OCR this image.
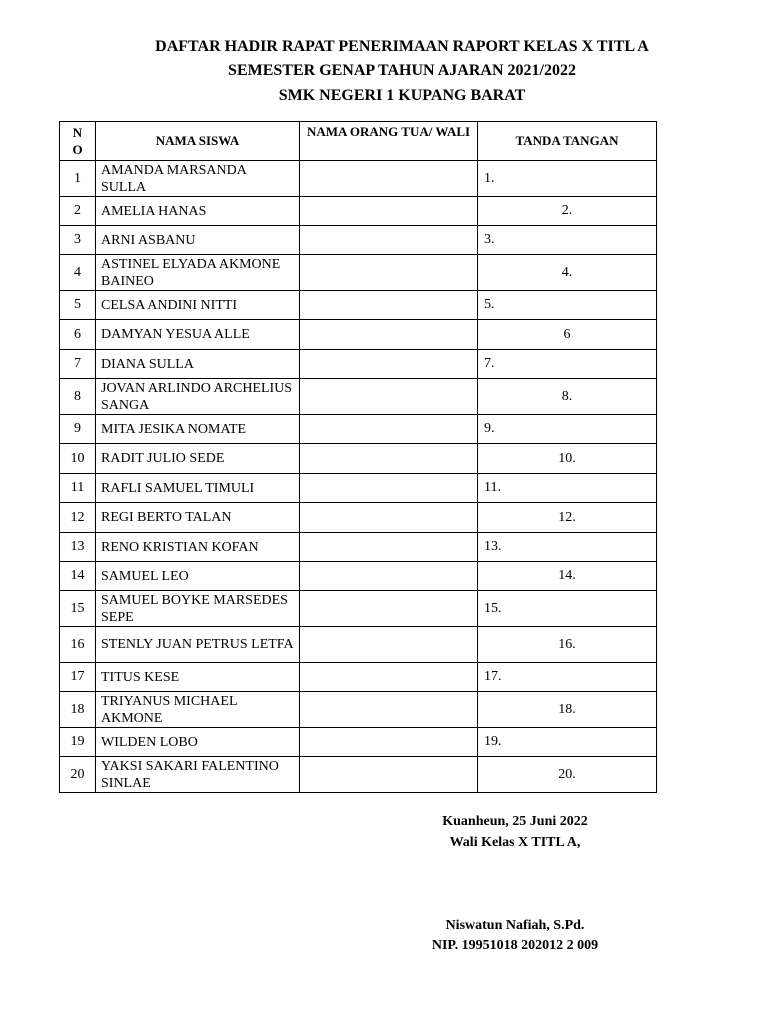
DAFTAR HADIR RAPAT PENERIMAAN RAPORT KELAS X TITL A
SEMESTER GENAP TAHUN AJARAN 2021/2022
SMK NEGERI 1 KUPANG BARAT
N O	NAMA SISWA	NAMA ORANG TUA/ WALI	TANDA TANGAN
1	AMANDA MARSANDA SULLA		1.
2	AMELIA HANAS		2.
3	ARNI ASBANU		3.
4	ASTINEL ELYADA AKMONE BAINEO		4.
5	CELSA ANDINI NITTI		5.
6	DAMYAN YESUA ALLE		6
7	DIANA SULLA		7.
8	JOVAN ARLINDO ARCHELIUS SANGA		8.
9	MITA JESIKA NOMATE		9.
10	RADIT JULIO SEDE		10.
11	RAFLI SAMUEL TIMULI		11.
12	REGI BERTO TALAN		12.
13	RENO KRISTIAN KOFAN		13.
14	SAMUEL LEO		14.
15	SAMUEL BOYKE MARSEDES SEPE		15.
16	STENLY JUAN PETRUS LETFA		16.
17	TITUS KESE		17.
18	TRIYANUS MICHAEL AKMONE		18.
19	WILDEN LOBO		19.
20	YAKSI SAKARI FALENTINO SINLAE		20.
Kuanheun, 25 Juni 2022
Wali Kelas X TITL A,
Niswatun Nafiah, S.Pd.
NIP. 19951018 202012 2 009
